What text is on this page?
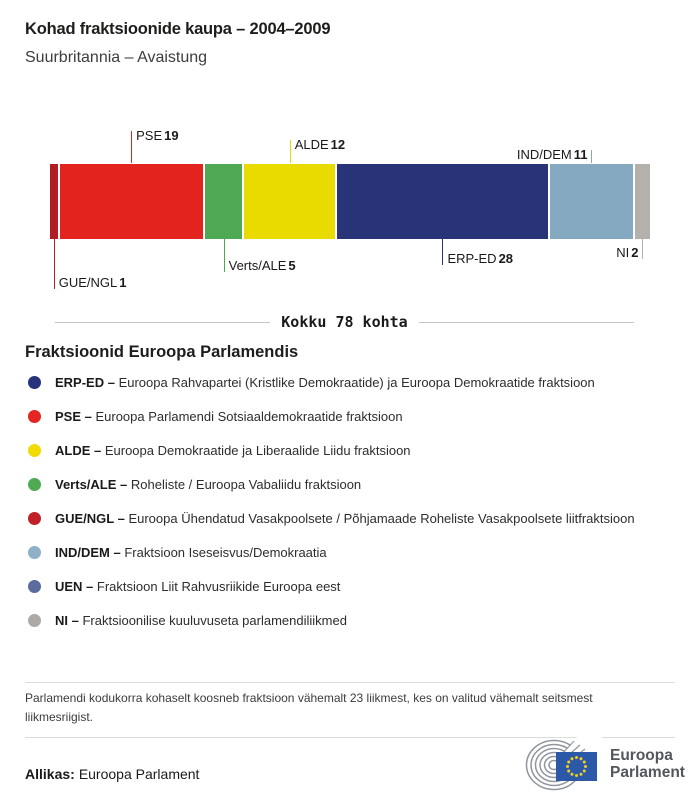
Kohad fraktsioonide kaupa – 2004–2009
Suurbritannia – Avaistung
GUE/NGL 1
PSE 19
Verts/ALE 5
ALDE 12
ERP-ED 28
IND/DEM 11
NI 2
Kokku 78 kohta
Fraktsioonid Euroopa Parlamendis
ERP-ED – Euroopa Rahvapartei (Kristlike Demokraatide) ja Euroopa Demokraatide fraktsioon
PSE – Euroopa Parlamendi Sotsiaaldemokraatide fraktsioon
ALDE – Euroopa Demokraatide ja Liberaalide Liidu fraktsioon
Verts/ALE – Roheliste / Euroopa Vabaliidu fraktsioon
GUE/NGL – Euroopa Ühendatud Vasakpoolsete / Põhjamaade Roheliste Vasakpoolsete liitfraktsioon
IND/DEM – Fraktsioon Iseseisvus/Demokraatia
UEN – Fraktsioon Liit Rahvusriikide Euroopa eest
NI – Fraktsioonilise kuuluvuseta parlamendiliikmed
Parlamendi kodukorra kohaselt koosneb fraktsioon vähemalt 23 liikmest, kes on valitud vähemalt seitsmest liikmesriigist.
Allikas: Euroopa Parlament
Euroopa
Parlament
